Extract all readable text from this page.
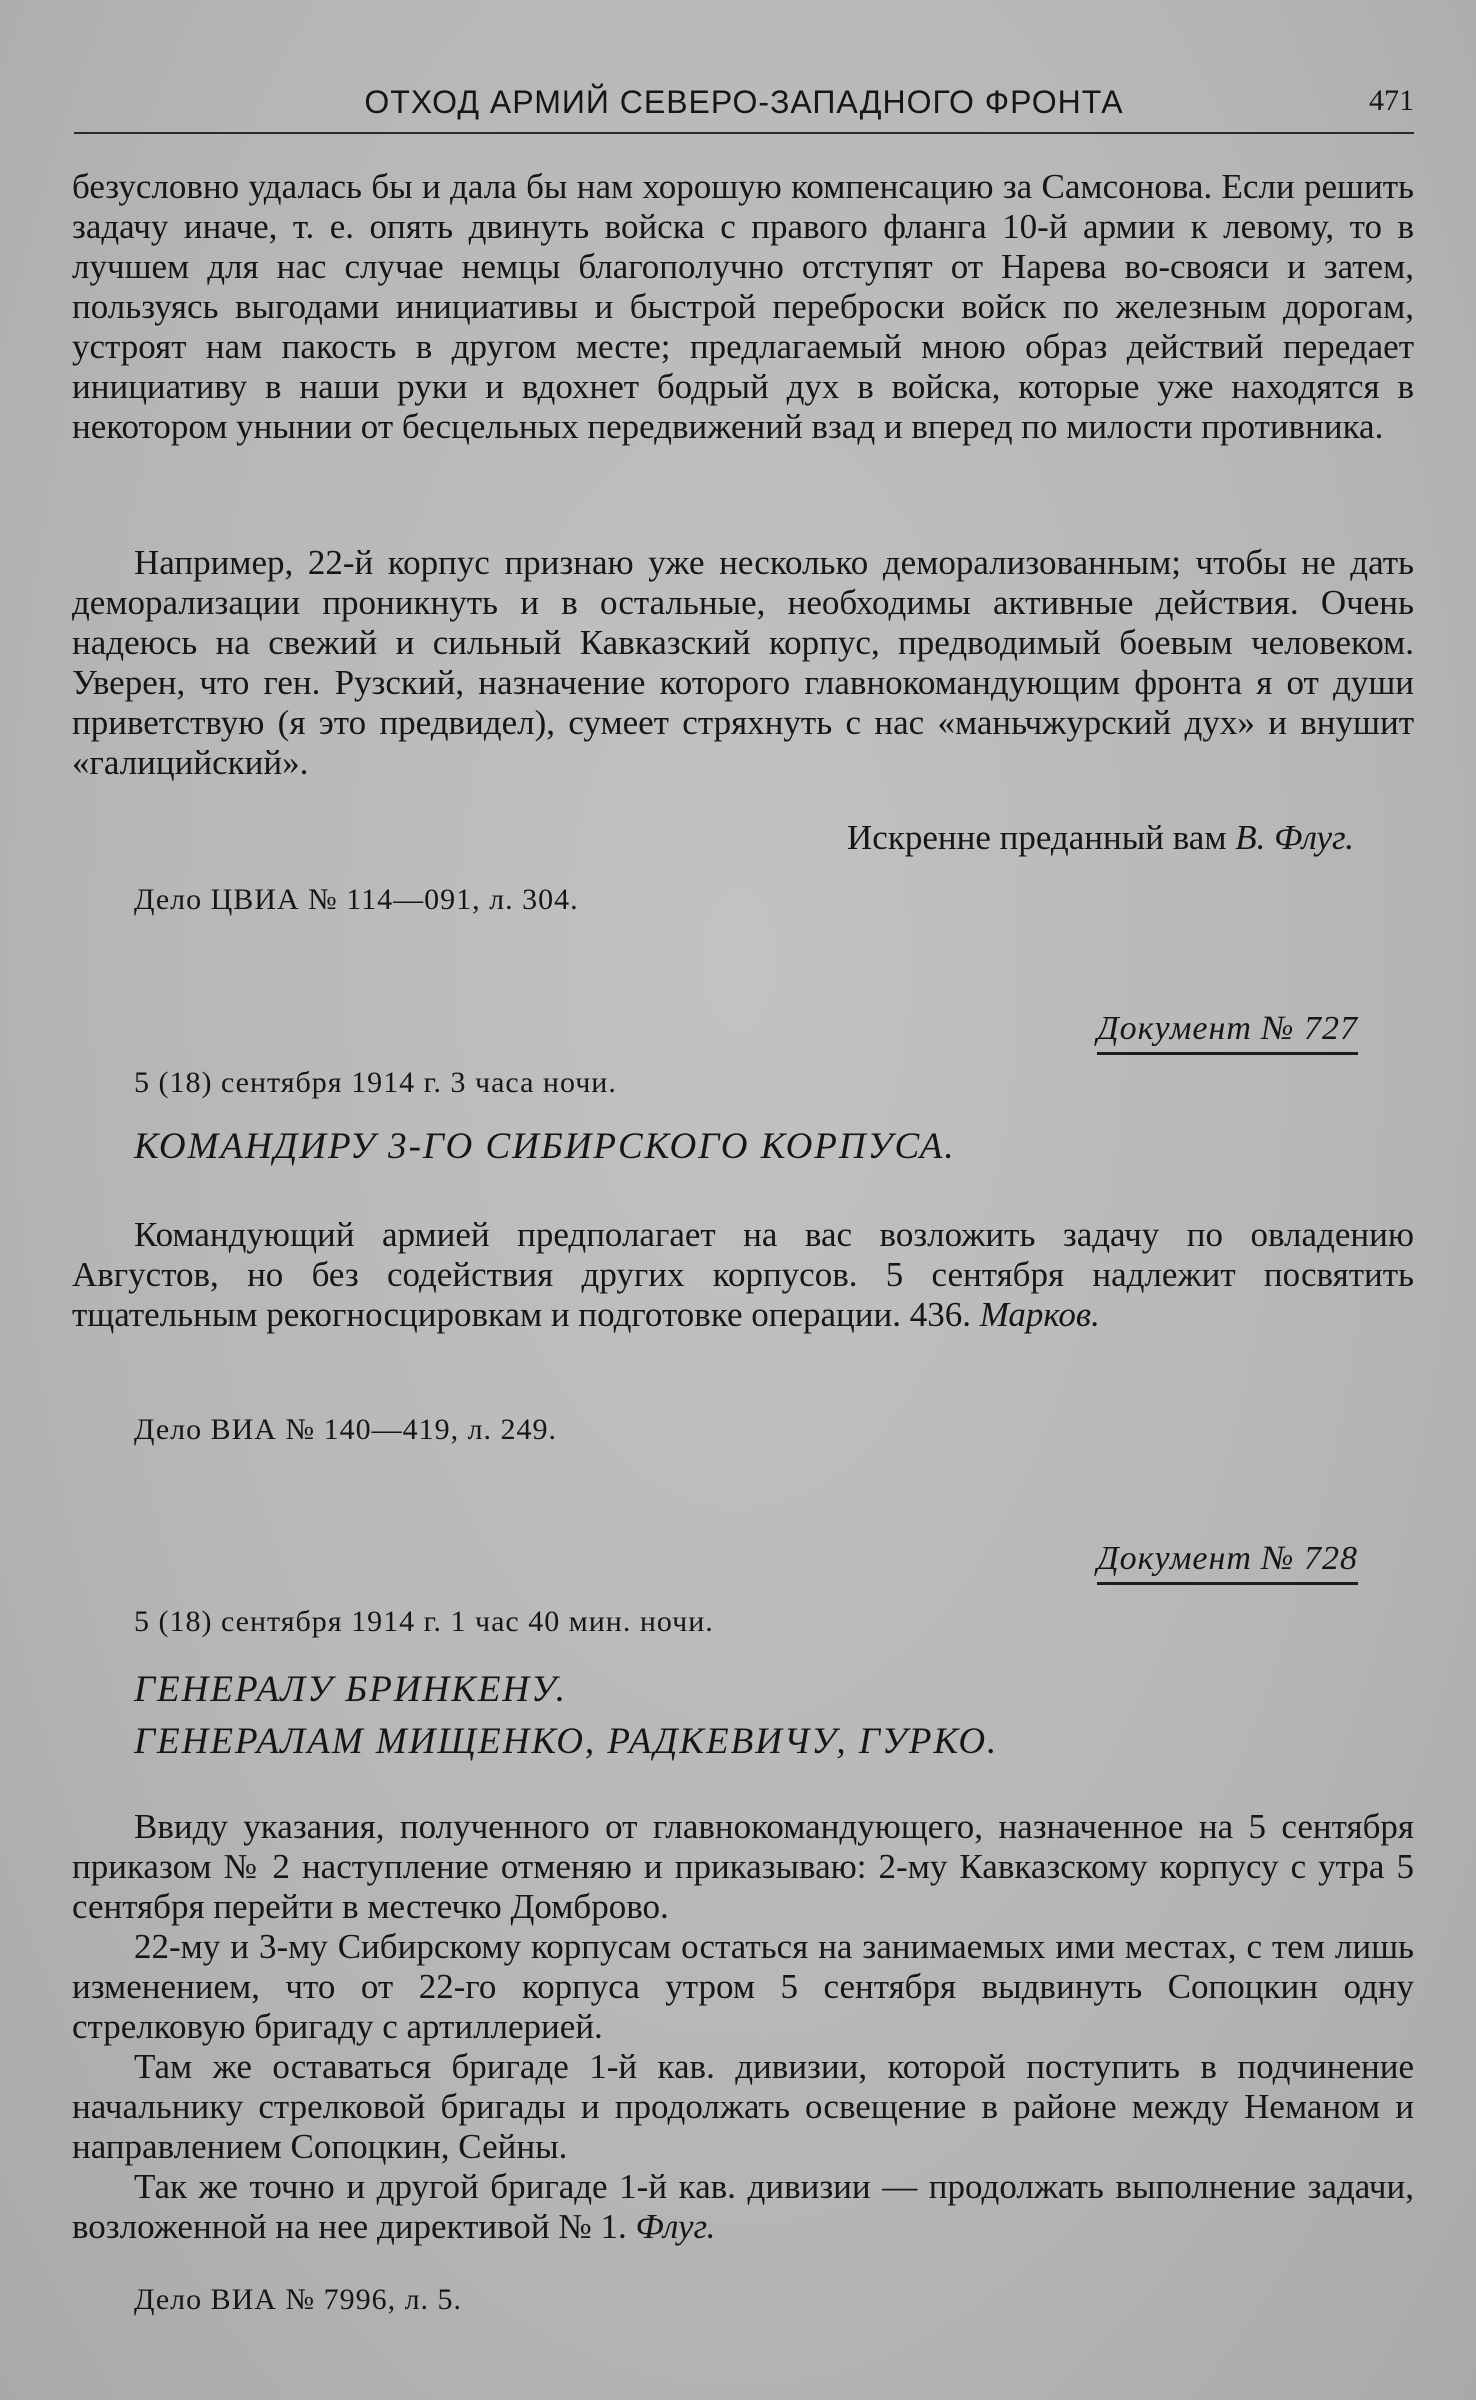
ОТХОД АРМИЙ СЕВЕРО-ЗАПАДНОГО ФРОНТА	471

безусловно удалась бы и дала бы нам хорошую компенсацию за Самсонова. Если решить задачу иначе, т. е. опять двинуть войска с правого фланга 10-й армии к левому, то в лучшем для нас случае немцы благополучно отступят от Нарева во-свояси и затем, пользуясь выгодами инициативы и быстрой переброски войск по железным дорогам, устроят нам пакость в другом месте; предлагаемый мною образ действий передает инициативу в наши руки и вдохнет бодрый дух в войска, которые уже находятся в некотором унынии от бесцельных передвижений взад и вперед по милости противника.

Например, 22-й корпус признаю уже несколько деморализованным; чтобы не дать деморализации проникнуть и в остальные, необходимы активные действия. Очень надеюсь на свежий и сильный Кавказский корпус, предводимый боевым человеком. Уверен, что ген. Рузский, назначение которого главнокомандующим фронта я от души приветствую (я это предвидел), сумеет стряхнуть с нас «маньчжурский дух» и внушит «галицийский».

Искренне преданный вам В. Флуг.
Дело ЦВИА № 114—091, л. 304.
Документ № 727
5 (18) сентября 1914 г. 3 часа ночи.
КОМАНДИРУ 3-ГО СИБИРСКОГО КОРПУСА.

Командующий армией предполагает на вас возложить задачу по овладению Августов, но без содействия других корпусов. 5 сентября надлежит посвятить тщательным рекогносцировкам и подготовке операции. 436. Марков.

Дело ВИА № 140—419, л. 249.
Документ № 728
5 (18) сентября 1914 г. 1 час 40 мин. ночи.
ГЕНЕРАЛУ БРИНКЕНУ.
ГЕНЕРАЛАМ МИЩЕНКО, РАДКЕВИЧУ, ГУРКО.

Ввиду указания, полученного от главнокомандующего, назначенное на 5 сентября приказом № 2 наступление отменяю и приказываю: 2-му Кавказскому корпусу с утра 5 сентября перейти в местечко Домброво.

22-му и 3-му Сибирскому корпусам остаться на занимаемых ими местах, с тем лишь изменением, что от 22-го корпуса утром 5 сентября выдвинуть Сопоцкин одну стрелковую бригаду с артиллерией.

Там же оставаться бригаде 1-й кав. дивизии, которой поступить в подчинение начальнику стрелковой бригады и продолжать освещение в районе между Неманом и направлением Сопоцкин, Сейны.

Так же точно и другой бригаде 1-й кав. дивизии — продолжать выполнение задачи, возложенной на нее директивой № 1. Флуг.

Дело ВИА № 7996, л. 5.
